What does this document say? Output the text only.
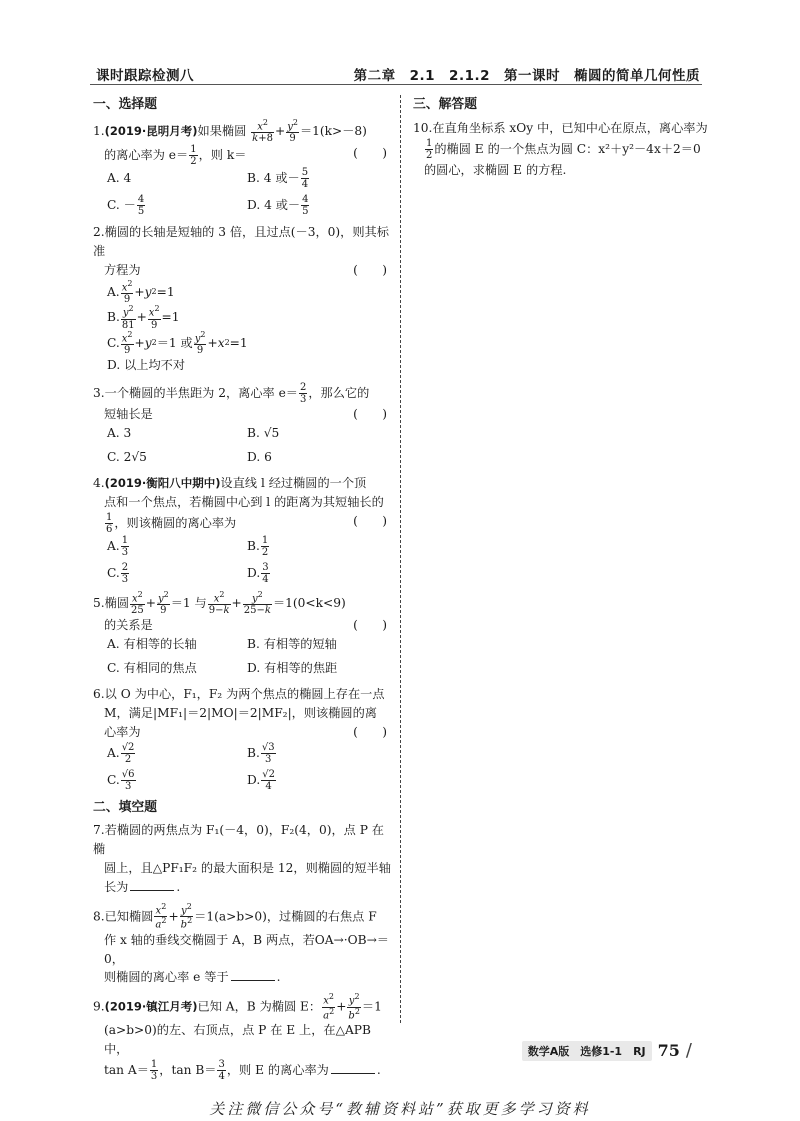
课时跟踪检测八	第二章　2.1　2.1.2　第一课时　椭圆的简单几何性质
一、选择题
1.(2019·昆明月考)如果椭圆 $\frac{x^2}{k+8} + \frac{y^2}{9} =1(k>-8)$
的离心率为 $e= \frac{1}{2}$ ，则 k＝	(　　)
A. 4	B. 4 或－ $\frac{5}{4}$
C. － $\frac{4}{5}$	D. 4 或－ $\frac{4}{5}$
2.椭圆的长轴是短轴的 3 倍，且过点(－3，0)，则其标准
方程为	(　　)
A. $\frac{x^2}{9} + y$ 2 =1
B. $\frac{y^2}{81} + \frac{x^2}{9} =1$
C. $\frac{x^2}{9} + y$ 2 ＝1 或 $\frac{y^2}{9} + x$ 2 =1
D. 以上均不对
3.一个椭圆的半焦距为 2，离心率 $e= \frac{2}{3}$ ，那么它的
短轴长是	(　　)
A. 3	B. √5
C. 2√5	D. 6
4.(2019·衡阳八中期中)设直线 l 经过椭圆的一个顶
点和一个焦点，若椭圆中心到 l 的距离为其短轴长的
$\frac{1}{6}$ ，则该椭圆的离心率为	(　　)
A. $\frac{1}{3}$	B. $\frac{1}{2}$
C. $\frac{2}{3}$	D. $\frac{3}{4}$
5.椭圆 $\frac{x^2}{25} + \frac{y^2}{9} =1$ 与 $\frac{x^2}{9-k} + \frac{y^2}{25-k} =1(0<k<9)$
的关系是	(　　)
A. 有相等的长轴	B. 有相等的短轴
C. 有相同的焦点	D. 有相等的焦距
6.以 O 为中心，F₁，F₂ 为两个焦点的椭圆上存在一点
M，满足|MF₁|＝2|MO|＝2|MF₂|，则该椭圆的离
心率为	(　　)
A. $\frac{√2}{2}$	B. $\frac{√3}{3}$
C. $\frac{√6}{3}$	D. $\frac{√2}{4}$
二、填空题
7.若椭圆的两焦点为 F₁(－4，0)，F₂(4，0)，点 P 在椭
圆上，且△PF₁F₂ 的最大面积是 12，则椭圆的短半轴
长为	.
8.已知椭圆 $\frac{x^2}{a^2} + \frac{y^2}{b^2} =1(a>b>0)$，过椭圆的右焦点 F
作 x 轴的垂线交椭圆于 A，B 两点，若OA→·OB→＝0，
则椭圆的离心率 e 等于	.
9.(2019·镇江月考)已知 A，B 为椭圆 E： $\frac{x^2}{a^2} + \frac{y^2}{b^2} =1$
(a>b>0)的左、右顶点，点 P 在 E 上，在△APB 中，
$\tan A= \frac{1}{3}$ ，$\tan B= \frac{3}{4}$ ，则 E 的离心率为	.
三、解答题
10.在直角坐标系 xOy 中，已知中心在原点，离心率为
$\frac{1}{2}$ 的椭圆 E 的一个焦点为圆 C：x²＋y²－4x＋2＝0
的圆心，求椭圆 E 的方程.
数学A版　选修1-1　RJ 75 /
关注微信公众号“教辅资料站”获取更多学习资料
